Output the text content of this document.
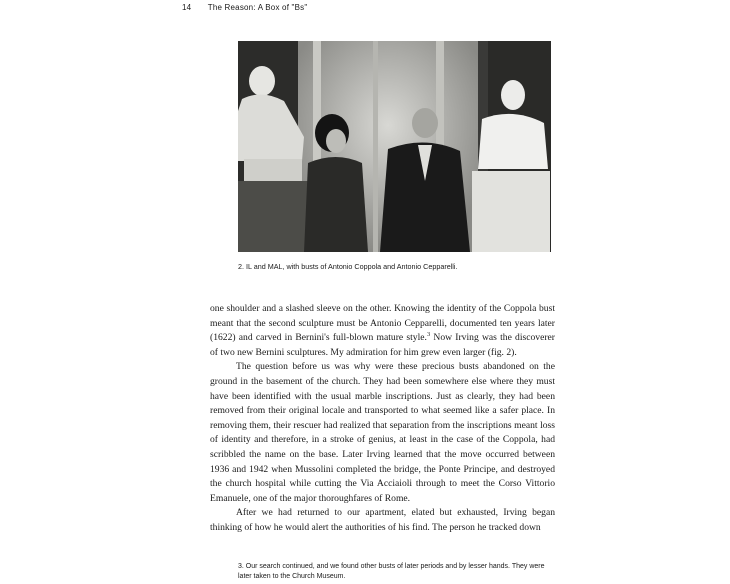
14 The Reason: A Box of "Bs"
2. IL and MAL, with busts of Antonio Coppola and Antonio Cepparelli.

one shoulder and a slashed sleeve on the other. Knowing the identity of the Coppola bust meant that the second sculpture must be Antonio Cepparelli, documented ten years later (1622) and carved in Bernini's full-blown mature style.$^3$ Now Irving was the discoverer of two new Bernini sculptures. My admiration for him grew even larger (fig. 2).

The question before us was why were these precious busts abandoned on the ground in the basement of the church. They had been somewhere else where they must have been identified with the usual marble inscriptions. Just as clearly, they had been removed from their original locale and transported to what seemed like a safer place. In removing them, their rescuer had realized that separation from the inscriptions meant loss of identity and therefore, in a stroke of genius, at least in the case of the Coppola, had scribbled the name on the base. Later Irving learned that the move occurred between 1936 and 1942 when Mussolini completed the bridge, the Ponte Principe, and destroyed the church hospital while cutting the Via Acciaioli through to meet the Corso Vittorio Emanuele, one of the major thoroughfares of Rome.

After we had returned to our apartment, elated but exhausted, Irving began thinking of how he would alert the authorities of his find. The person he tracked down

3. Our search continued, and we found other busts of later periods and by lesser hands. They were later taken to the Church Museum.
